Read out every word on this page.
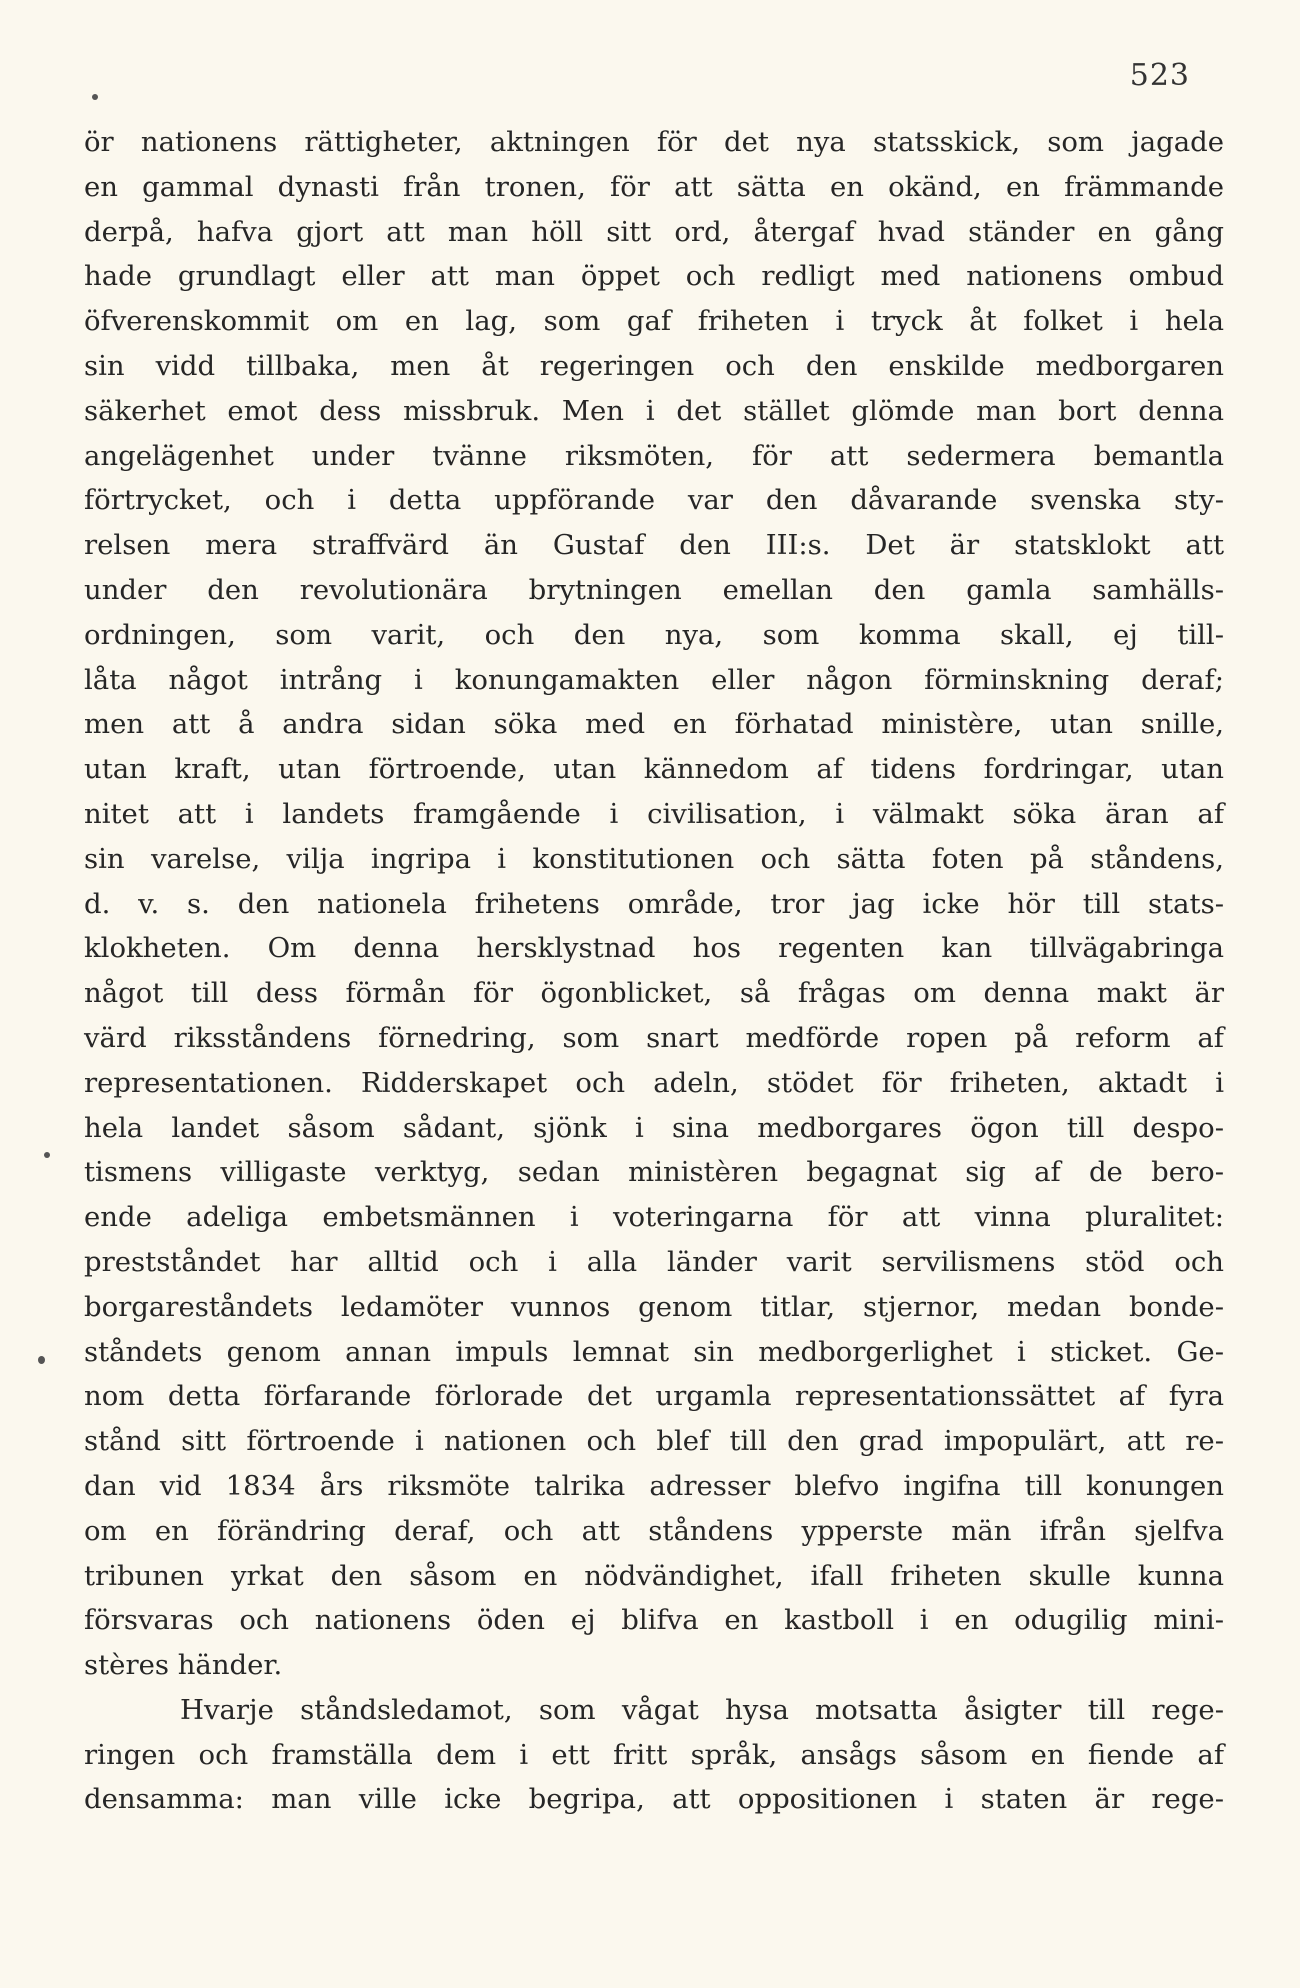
523
ör nationens rättigheter, aktningen för det nya statsskick, som jagade
en gammal dynasti från tronen, för att sätta en okänd, en främmande
derpå, hafva gjort att man höll sitt ord, återgaf hvad ständer en gång
hade grundlagt eller att man öppet och redligt med nationens ombud
öfverenskommit om en lag, som gaf friheten i tryck åt folket i hela
sin vidd tillbaka, men åt regeringen och den enskilde medborgaren
säkerhet emot dess missbruk. Men i det stället glömde man bort denna
angelägenhet under tvänne riksmöten, för att sedermera bemantla
förtrycket, och i detta uppförande var den dåvarande svenska sty-
relsen mera straffvärd än Gustaf den III:s. Det är statsklokt att
under den revolutionära brytningen emellan den gamla samhälls-
ordningen, som varit, och den nya, som komma skall, ej till-
låta något intrång i konungamakten eller någon förminskning deraf;
men att å andra sidan söka med en förhatad ministère, utan snille,
utan kraft, utan förtroende, utan kännedom af tidens fordringar, utan
nitet att i landets framgående i civilisation, i välmakt söka äran af
sin varelse, vilja ingripa i konstitutionen och sätta foten på ståndens,
d. v. s. den nationela frihetens område, tror jag icke hör till stats-
klokheten. Om denna hersklystnad hos regenten kan tillvägabringa
något till dess förmån för ögonblicket, så frågas om denna makt är
värd riksståndens förnedring, som snart medförde ropen på reform af
representationen. Ridderskapet och adeln, stödet för friheten, aktadt i
hela landet såsom sådant, sjönk i sina medborgares ögon till despo-
tismens villigaste verktyg, sedan ministèren begagnat sig af de bero-
ende adeliga embetsmännen i voteringarna för att vinna pluralitet:
prestståndet har alltid och i alla länder varit servilismens stöd och
borgareståndets ledamöter vunnos genom titlar, stjernor, medan bonde-
ståndets genom annan impuls lemnat sin medborgerlighet i sticket. Ge-
nom detta förfarande förlorade det urgamla representationssättet af fyra
stånd sitt förtroende i nationen och blef till den grad impopulärt, att re-
dan vid 1834 års riksmöte talrika adresser blefvo ingifna till konungen
om en förändring deraf, och att ståndens ypperste män ifrån sjelfva
tribunen yrkat den såsom en nödvändighet, ifall friheten skulle kunna
försvaras och nationens öden ej blifva en kastboll i en odugilig mini-
stères händer.
Hvarje ståndsledamot, som vågat hysa motsatta åsigter till rege-
ringen och framställa dem i ett fritt språk, ansågs såsom en fiende af
densamma: man ville icke begripa, att oppositionen i staten är rege-
